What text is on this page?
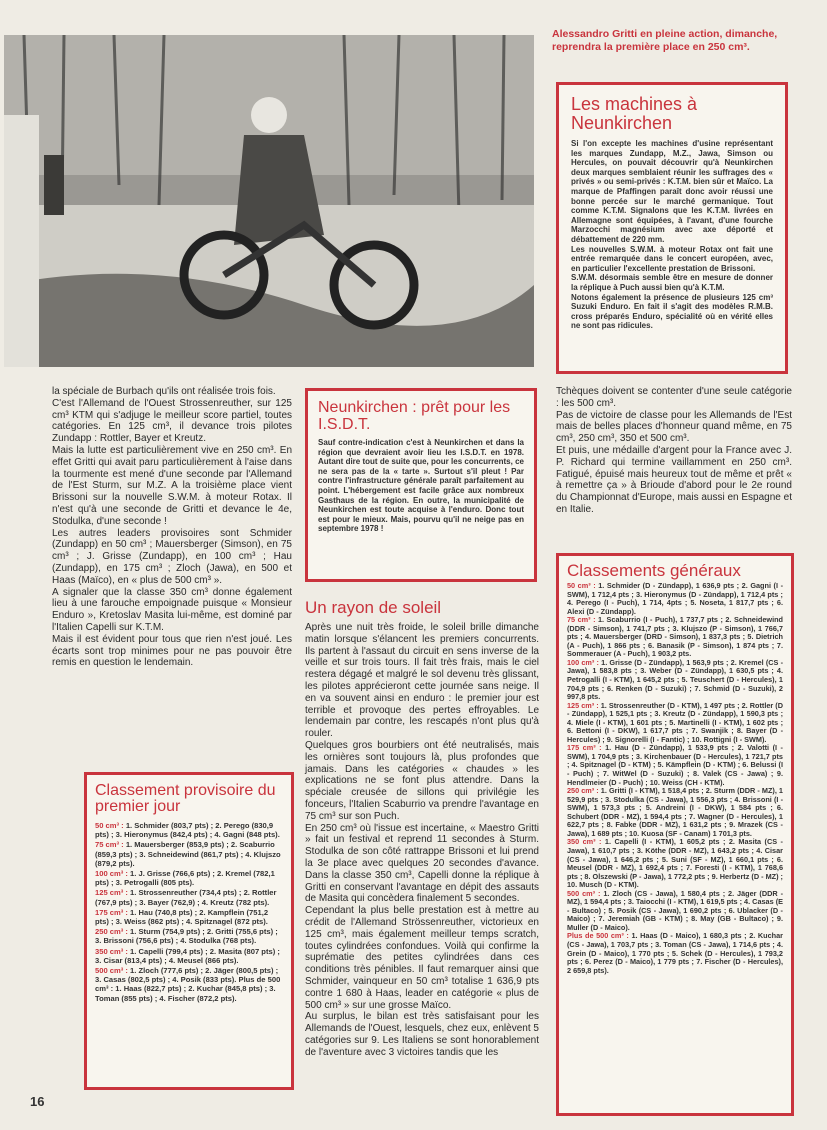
Alessandro Gritti en pleine action, dimanche, reprendra la première place en 250 cm³.
Les machines à Neunkirchen

Si l'on excepte les machines d'usine représentant les marques Zundapp, M.Z., Jawa, Simson ou Hercules, on pouvait découvrir qu'à Neunkirchen deux marques semblaient réunir les suffrages des « privés » ou semi-privés : K.T.M. bien sûr et Maïco. La marque de Pfaffingen paraît donc avoir réussi une bonne percée sur le marché germanique. Tout comme K.T.M. Signalons que les K.T.M. livrées en Allemagne sont équipées, à l'avant, d'une fourche Marzocchi magnésium avec axe déporté et débattement de 220 mm.

Les nouvelles S.W.M. à moteur Rotax ont fait une entrée remarquée dans le concert européen, avec, en particulier l'excellente prestation de Brissoni.

S.W.M. désormais semble être en mesure de donner la réplique à Puch aussi bien qu'à K.T.M.

Notons également la présence de plusieurs 125 cm³ Suzuki Enduro. En fait il s'agit des modèles R.M.B. cross préparés Enduro, spécialité où en vérité elles ne sont pas ridicules.

la spéciale de Burbach qu'ils ont réalisée trois fois.

C'est l'Allemand de l'Ouest Strossenreuther, sur 125 cm³ KTM qui s'adjuge le meilleur score partiel, toutes catégories. En 125 cm³, il devance trois pilotes Zundapp : Rottler, Bayer et Kreutz.

Mais la lutte est particulièrement vive en 250 cm³. En effet Gritti qui avait paru particulièrement à l'aise dans la tourmente est mené d'une seconde par l'Allemand de l'Est Sturm, sur M.Z. A la troisième place vient Brissoni sur la nouvelle S.W.M. à moteur Rotax. Il n'est qu'à une seconde de Gritti et devance le 4e, Stodulka, d'une seconde !

Les autres leaders provisoires sont Schmider (Zundapp) en 50 cm³ ; Mauersberger (Simson), en 75 cm³ ; J. Grisse (Zundapp), en 100 cm³ ; Hau (Zundapp), en 175 cm³ ; Zloch (Jawa), en 500 et Haas (Maïco), en « plus de 500 cm³ ».

A signaler que la classe 350 cm³ donne également lieu à une farouche empoignade puisque « Monsieur Enduro », Kretoslav Masita lui-même, est dominé par l'Italien Capelli sur K.T.M.

Mais il est évident pour tous que rien n'est joué. Les écarts sont trop minimes pour ne pas pouvoir être remis en question le lendemain.

Neunkirchen : prêt pour les I.S.D.T.

Sauf contre-indication c'est à Neunkirchen et dans la région que devraient avoir lieu les I.S.D.T. en 1978. Autant dire tout de suite que, pour les concurrents, ce ne sera pas de la « tarte ». Surtout s'il pleut ! Par contre l'infrastructure générale paraît parfaitement au point. L'hébergement est facile grâce aux nombreux Gasthaus de la région. En outre, la municipalité de Neunkirchen est toute acquise à l'enduro. Donc tout est pour le mieux. Mais, pourvu qu'il ne neige pas en septembre 1978 !

Un rayon de soleil

Après une nuit très froide, le soleil brille dimanche matin lorsque s'élancent les premiers concurrents. Ils partent à l'assaut du circuit en sens inverse de la veille et sur trois tours. Il fait très frais, mais le ciel restera dégagé et malgré le sol devenu très glissant, les pilotes apprécieront cette journée sans neige. Il en va souvent ainsi en enduro : le premier jour est terrible et provoque des pertes effroyables. Le lendemain par contre, les rescapés n'ont plus qu'à rouler.

Quelques gros bourbiers ont été neutralisés, mais les ornières sont toujours là, plus profondes que jamais. Dans les catégories « chaudes » les explications ne se font plus attendre. Dans la spéciale creusée de sillons qui privilégie les fonceurs, l'Italien Scaburrio va prendre l'avantage en 75 cm³ sur son Puch.

En 250 cm³ où l'issue est incertaine, « Maestro Gritti » fait un festival et reprend 11 secondes à Sturm. Stodulka de son côté rattrappe Brissoni et lui prend la 3e place avec quelques 20 secondes d'avance. Dans la classe 350 cm³, Capelli donne la réplique à Gritti en conservant l'avantage en dépit des assauts de Masita qui concèdera finalement 5 secondes.

Cependant la plus belle prestation est à mettre au crédit de l'Allemand Strössenreuther, victorieux en 125 cm³, mais également meilleur temps scratch, toutes cylindrées confondues. Voilà qui confirme la suprématie des petites cylindrées dans ces conditions très pénibles. Il faut remarquer ainsi que Schmider, vainqueur en 50 cm³ totalise 1 636,9 pts contre 1 680 à Haas, leader en catégorie « plus de 500 cm³ » sur une grosse Maïco.

Au surplus, le bilan est très satisfaisant pour les Allemands de l'Ouest, lesquels, chez eux, enlèvent 5 catégories sur 9. Les Italiens se sont honorablement de l'aventure avec 3 victoires tandis que les

Tchèques doivent se contenter d'une seule catégorie : les 500 cm³.

Pas de victoire de classe pour les Allemands de l'Est mais de belles places d'honneur quand même, en 75 cm³, 250 cm³, 350 et 500 cm³.

Et puis, une médaille d'argent pour la France avec J. P. Richard qui termine vaillamment en 250 cm³. Fatigué, épuisé mais heureux tout de même et prêt « à remettre ça » à Brioude d'abord pour le 2e round du Championnat d'Europe, mais aussi en Espagne et en Italie.

Classement provisoire du premier jour

50 cm³ : 1. Schmider (803,7 pts) ; 2. Perego (830,9 pts) ; 3. Hieronymus (842,4 pts) ; 4. Gagni (848 pts).

75 cm³ : 1. Mauersberger (853,9 pts) ; 2. Scaburrio (859,3 pts) ; 3. Schneidewind (861,7 pts) ; 4. Klujszo (879,2 pts).

100 cm³ : 1. J. Grisse (766,6 pts) ; 2. Kremel (782,1 pts) ; 3. Petrogalli (805 pts).

125 cm³ : 1. Strossenreuther (734,4 pts) ; 2. Rottler (767,9 pts) ; 3. Bayer (762,9) ; 4. Kreutz (782 pts).

175 cm³ : 1. Hau (740,8 pts) ; 2. Kampflein (751,2 pts) ; 3. Weiss (862 pts) ; 4. Spitznagel (872 pts).

250 cm³ : 1. Sturm (754,9 pts) ; 2. Gritti (755,6 pts) ; 3. Brissoni (756,6 pts) ; 4. Stodulka (768 pts).

350 cm³ : 1. Capelli (799,4 pts) ; 2. Masita (807 pts) ; 3. Cisar (813,4 pts) ; 4. Meusel (866 pts).

500 cm³ : 1. Zloch (777,6 pts) ; 2. Jäger (800,5 pts) ; 3. Casas (802,5 pts) ; 4. Posik (833 pts). Plus de 500 cm³ : 1. Haas (822,7 pts) ; 2. Kuchar (845,8 pts) ; 3. Toman (855 pts) ; 4. Fischer (872,2 pts).

Classements généraux

50 cm³ : 1. Schmider (D - Zündapp), 1 636,9 pts ; 2. Gagni (I - SWM), 1 712,4 pts ; 3. Hieronymus (D - Zündapp), 1 712,4 pts ; 4. Perego (I - Puch), 1 714, 4pts ; 5. Noseta, 1 817,7 pts ; 6. Alexi (D - Zündapp).

75 cm³ : 1. Scaburrio (I - Puch), 1 737,7 pts ; 2. Schneidewind (DDR - Simson), 1 741,7 pts ; 3. Klujszo (P - Simson), 1 766,7 pts ; 4. Mauersberger (DRD - Simson), 1 837,3 pts ; 5. Dietrich (A - Puch), 1 866 pts ; 6. Banasik (P - Simson), 1 874 pts ; 7. Sommerauer (A - Puch), 1 903,2 pts.

100 cm³ : 1. Grisse (D - Zündapp), 1 563,9 pts ; 2. Kremel (CS - Jawa), 1 583,8 pts ; 3. Weber (D - Zündapp), 1 630,5 pts ; 4. Petrogalli (I - KTM), 1 645,2 pts ; 5. Teuschert (D - Hercules), 1 704,9 pts ; 6. Renken (D - Suzuki) ; 7. Schmid (D - Suzuki), 2 997,8 pts.

125 cm³ : 1. Strossenreuther (D - KTM), 1 497 pts ; 2. Rottler (D - Zündapp), 1 525,1 pts ; 3. Kreutz (D - Zündapp), 1 590,3 pts ; 4. Miele (I - KTM), 1 601 pts ; 5. Martinelli (I - KTM), 1 602 pts ; 6. Bettoni (I - DKW), 1 617,7 pts ; 7. Swanjik ; 8. Bayer (D - Hercules) ; 9. Signorelli (I - Fantic) ; 10. Rottigni (I - SWM).

175 cm³ : 1. Hau (D - Zündapp), 1 533,9 pts ; 2. Valotti (I - SWM), 1 704,9 pts ; 3. Kirchenbauer (D - Hercules), 1 721,7 pts ; 4. Spitznagel (D - KTM) ; 5. Kämpflein (D - KTM) ; 6. Belussi (I - Puch) ; 7. WitWel (D - Suzuki) ; 8. Valek (CS - Jawa) ; 9. Hendlmeier (D - Puch) ; 10. Weiss (CH - KTM).

250 cm³ : 1. Gritti (I - KTM), 1 518,4 pts ; 2. Sturm (DDR - MZ), 1 529,9 pts ; 3. Stodulka (CS - Jawa), 1 556,3 pts ; 4. Brissoni (I - SWM), 1 573,3 pts ; 5. Andreini (I - DKW), 1 584 pts ; 6. Schubert (DDR - MZ), 1 594,4 pts ; 7. Wagner (D - Hercules), 1 622,7 pts ; 8. Fabke (DDR - MZ), 1 631,2 pts ; 9. Mrazek (CS - Jawa), 1 689 pts ; 10. Kuosa (SF - Canam) 1 701,3 pts.

350 cm³ : 1. Capelli (I - KTM), 1 605,2 pts ; 2. Masita (CS - Jawa), 1 610,7 pts ; 3. Köthe (DDR - MZ), 1 643,2 pts ; 4. Cisar (CS - Jawa), 1 646,2 pts ; 5. Suni (SF - MZ), 1 660,1 pts ; 6. Meusel (DDR - MZ), 1 692,4 pts ; 7. Foresti (I - KTM), 1 768,6 pts ; 8. Olszewski (P - Jawa), 1 772,2 pts ; 9. Herbertz (D - MZ) ; 10. Musch (D - KTM).

500 cm³ : 1. Zloch (CS - Jawa), 1 580,4 pts ; 2. Jäger (DDR - MZ), 1 594,4 pts ; 3. Taiocchi (I - KTM), 1 619,5 pts ; 4. Casas (E - Bultaco) ; 5. Posik (CS - Jawa), 1 690,2 pts ; 6. Ublacker (D - Maico) ; 7. Jeremiah (GB - KTM) ; 8. May (GB - Bultaco) ; 9. Muller (D - Maico).

Plus de 500 cm³ : 1. Haas (D - Maico), 1 680,3 pts ; 2. Kuchar (CS - Jawa), 1 703,7 pts ; 3. Toman (CS - Jawa), 1 714,6 pts ; 4. Grein (D - Maico), 1 770 pts ; 5. Schek (D - Hercules), 1 793,2 pts ; 6. Perez (D - Maico), 1 779 pts ; 7. Fischer (D - Hercules), 2 659,8 pts).

16
